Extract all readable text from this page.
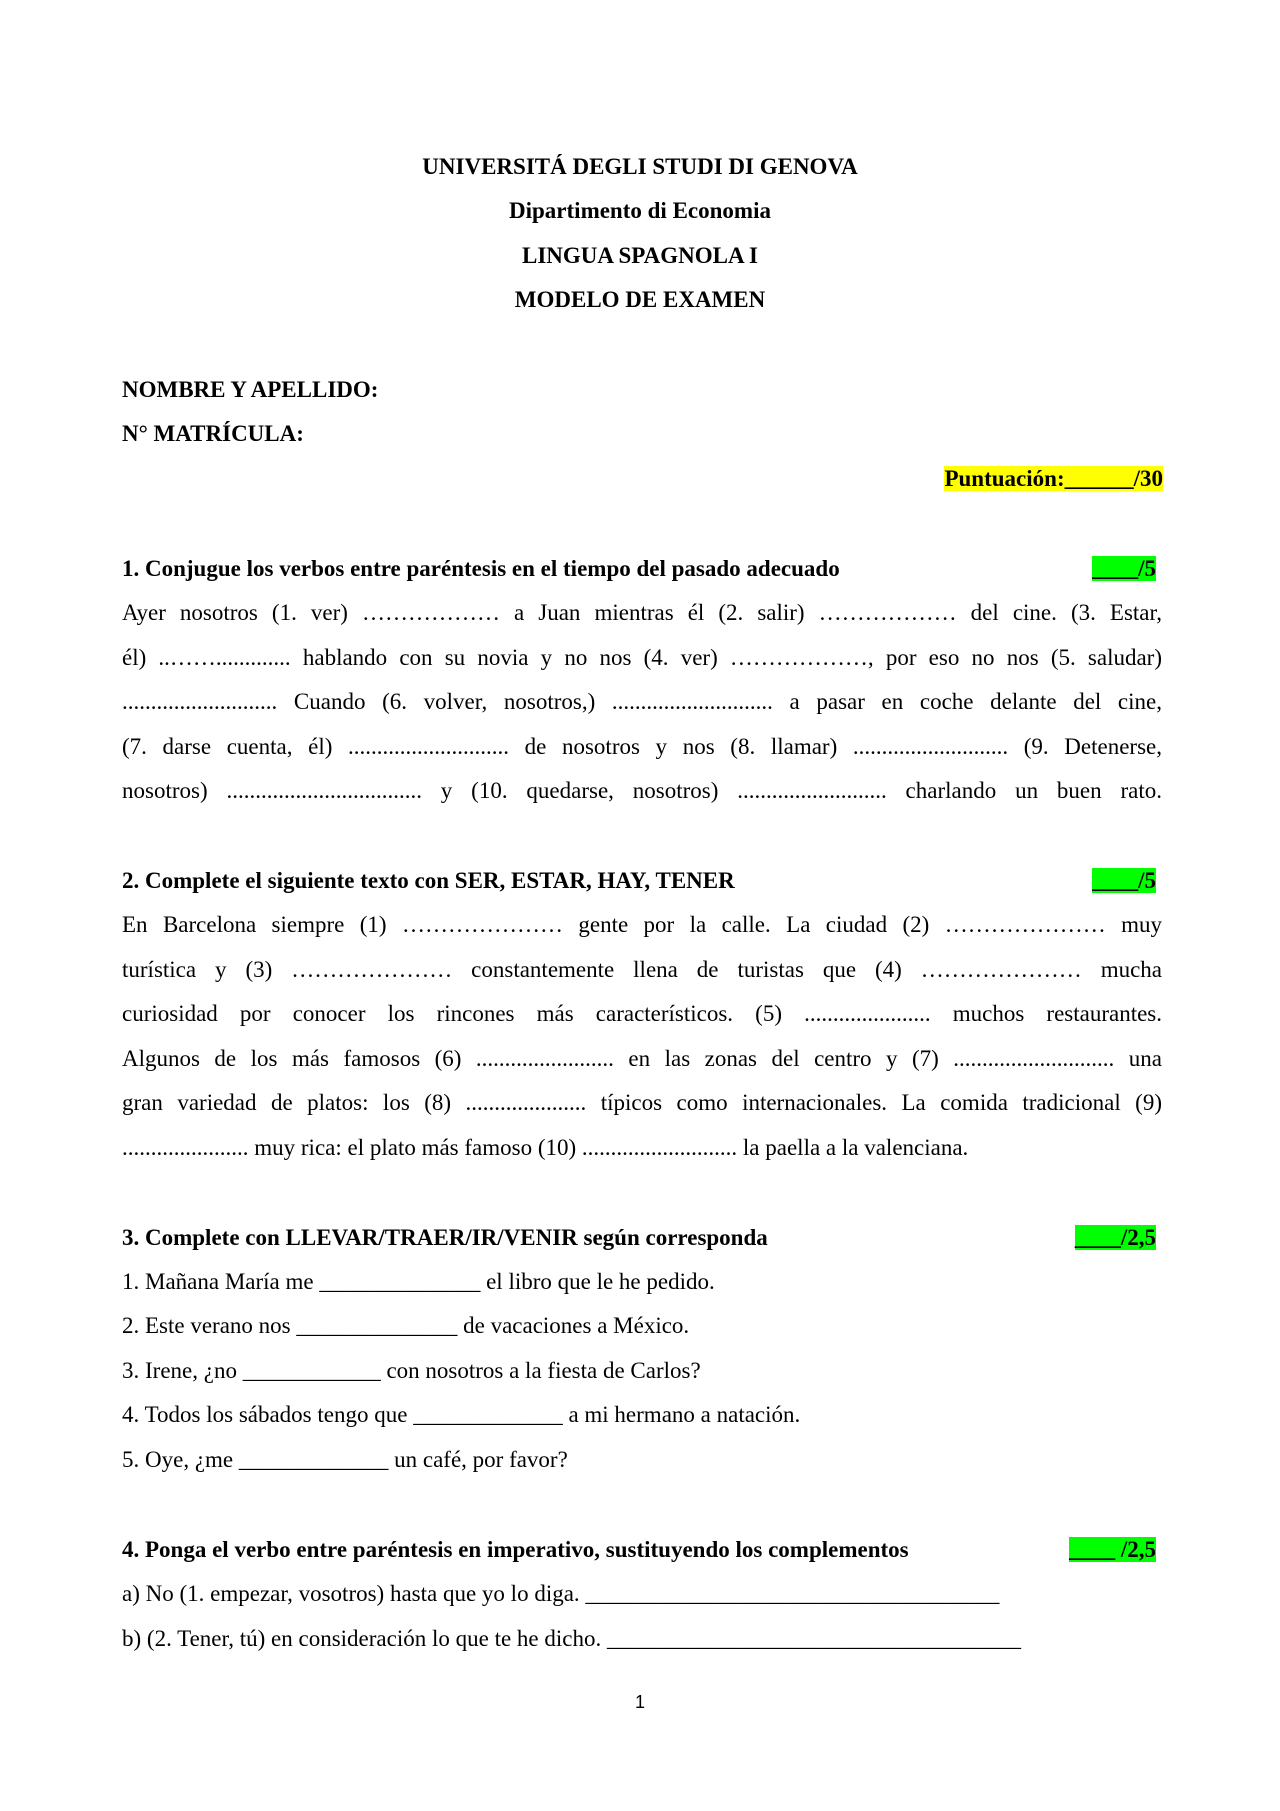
UNIVERSITÁ DEGLI STUDI DI GENOVA
Dipartimento di Economia
LINGUA SPAGNOLA I
MODELO DE EXAMEN
NOMBRE Y APELLIDO:
N° MATRÍCULA:
Puntuación:______/30
1. Conjugue los verbos entre paréntesis en el tiempo del pasado adecuado	____/5
Ayer nosotros (1. ver) ……………… a Juan mientras él (2. salir) ……………… del cine. (3. Estar,
él) ..……............. hablando con su novia y no nos (4. ver) ………………, por eso no nos (5. saludar)
........................... Cuando (6. volver, nosotros,) ............................ a pasar en coche delante del cine,
(7. darse cuenta, él) ............................ de nosotros y nos (8. llamar) ........................... (9. Detenerse,
nosotros) .................................. y (10. quedarse, nosotros) .......................... charlando un buen rato.
2. Complete el siguiente texto con SER, ESTAR, HAY, TENER	____/5
En Barcelona siempre (1) ………………… gente por la calle. La ciudad (2) ………………… muy
turística y (3) ………………… constantemente llena de turistas que (4) ………………… mucha
curiosidad por conocer los rincones más característicos. (5) ...................... muchos restaurantes.
Algunos de los más famosos (6) ........................ en las zonas del centro y (7) ............................ una
gran variedad de platos: los (8) ..................... típicos como internacionales. La comida tradicional (9)
...................... muy rica: el plato más famoso (10) ........................... la paella a la valenciana.
3. Complete con LLEVAR/TRAER/IR/VENIR según corresponda	____/2,5
1. Mañana María me ______________ el libro que le he pedido.
2. Este verano nos ______________ de vacaciones a México.
3. Irene, ¿no ____________ con nosotros a la fiesta de Carlos?
4. Todos los sábados tengo que _____________ a mi hermano a natación.
5. Oye, ¿me _____________ un café, por favor?
4. Ponga el verbo entre paréntesis en imperativo, sustituyendo los complementos	____ /2,5
a) No (1. empezar, vosotros) hasta que yo lo diga. ____________________________________
b) (2. Tener, tú) en consideración lo que te he dicho. ____________________________________
1
